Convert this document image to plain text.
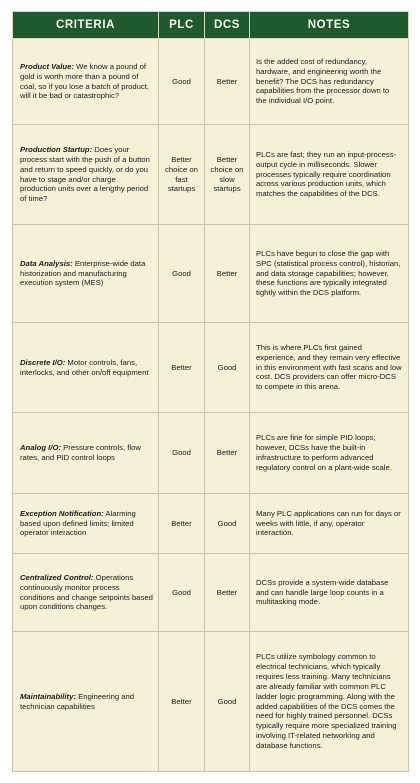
CRITERIA	PLC	DCS	NOTES
Product Value: We know a pound of gold is worth more than a pound of coal, so if you lose a batch of product, will it be bad or catastrophic?	Good	Better	Is the added cost of redundancy, hardware, and engineering worth the benefit? The DCS has redundancy capabilities from the processor down to the individual I/O point.
Production Startup: Does your process start with the push of a button and return to speed quickly, or do you have to stage and/or charge production units over a lengthy period of time?	Better choice on fast startups	Better choice on slow startups	PLCs are fast; they run an input-process-output cycle in milliseconds. Slower processes typically require coordination across various production units, which matches the capabilities of the DCS.
Data Analysis: Enterprise-wide data historization and manufacturing execution system (MES)	Good	Better	PLCs have begun to close the gap with SPC (statistical process control), historian, and data storage capabilities; however, these functions are typically integrated tightly within the DCS platform.
Discrete I/O: Motor controls, fans, interlocks, and other on/off equipment	Better	Good	This is where PLCs first gained experience, and they remain very effective in this environment with fast scans and low cost. DCS providers can offer micro-DCS to compete in this arena.
Analog I/O: Pressure controls, flow rates, and PID control loops	Good	Better	PLCs are fine for simple PID loops; however, DCSs have the built-in infrastructure to perform advanced regulatory control on a plant-wide scale.
Exception Notification: Alarming based upon defined limits; limited operator interaction	Better	Good	Many PLC applications can run for days or weeks with little, if any, operator interaction.
Centralized Control: Operations continuously monitor process conditions and change setpoints based upon conditions changes.	Good	Better	DCSs provide a system-wide database and can handle large loop counts in a multitasking mode.
Maintainability: Engineering and technician capabilities	Better	Good	PLCs utilize symbology common to electrical technicians, which typically requires less training. Many technicians are already familiar with common PLC ladder logic programming. Along with the added capabilities of the DCS comes the need for highly trained personnel. DCSs typically require more specialized training involving IT-related networking and database functions.
